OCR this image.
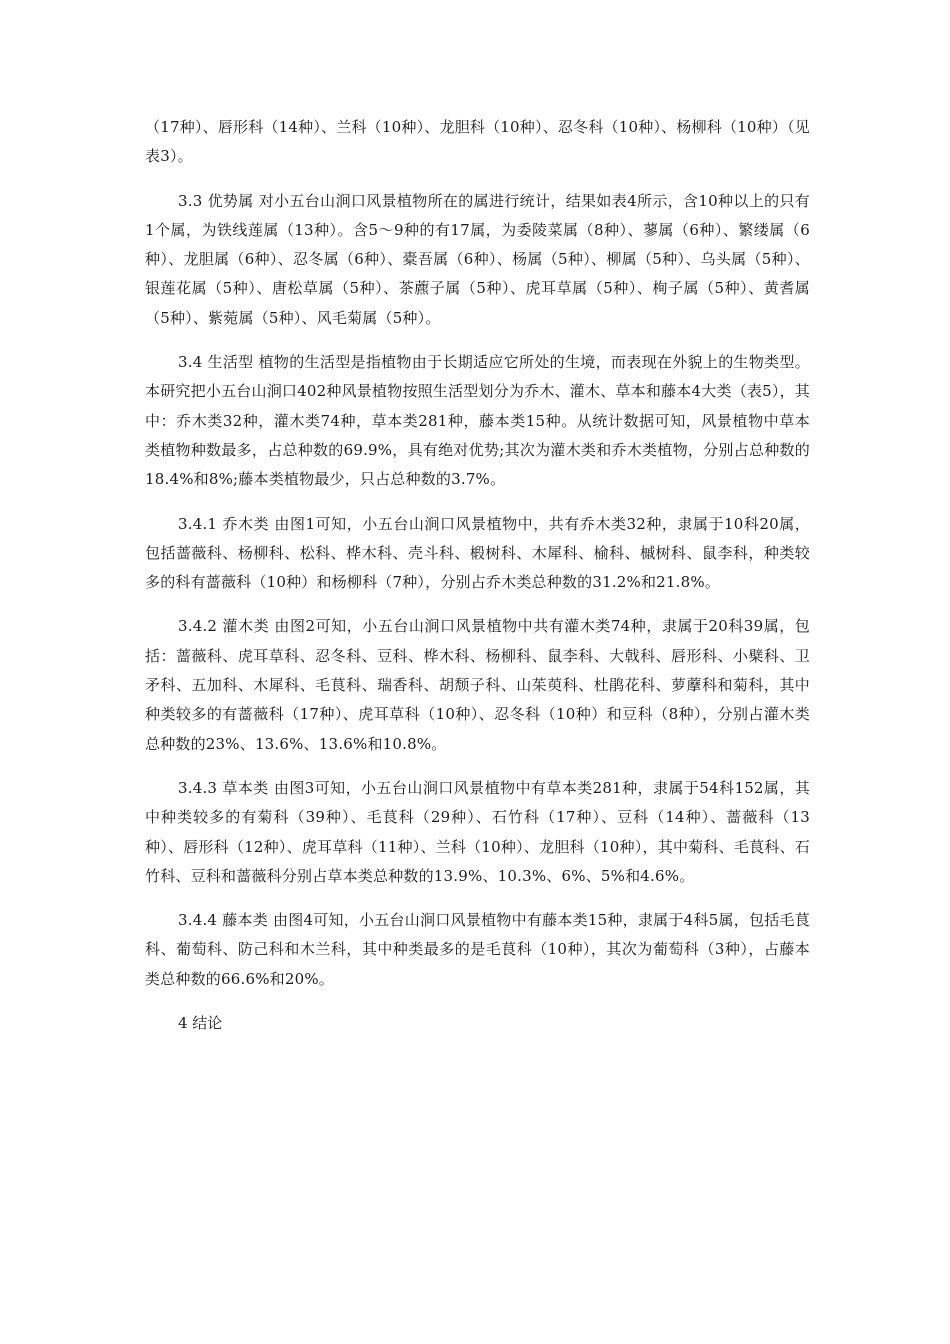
（17种）、唇形科（14种）、兰科（10种）、龙胆科（10种）、忍冬科（10种）、杨柳科（10种）（见表3）。

3.3 优势属 对小五台山涧口风景植物所在的属进行统计，结果如表4所示，含10种以上的只有1个属，为铁线莲属（13种）。含5～9种的有17属，为委陵菜属（8种）、蓼属（6种）、繁缕属（6种）、龙胆属（6种）、忍冬属（6种）、橐吾属（6种）、杨属（5种）、柳属（5种）、乌头属（5种）、银莲花属（5种）、唐松草属（5种）、茶藨子属（5种）、虎耳草属（5种）、栒子属（5种）、黄耆属（5种）、紫菀属（5种）、风毛菊属（5种）。

3.4 生活型 植物的生活型是指植物由于长期适应它所处的生境，而表现在外貌上的生物类型。本研究把小五台山涧口402种风景植物按照生活型划分为乔木、灌木、草本和藤本4大类（表5），其中：乔木类32种，灌木类74种，草本类281种，藤本类15种。从统计数据可知，风景植物中草本类植物种数最多，占总种数的69.9%，具有绝对优势;其次为灌木类和乔木类植物，分别占总种数的18.4%和8%;藤本类植物最少，只占总种数的3.7%。

3.4.1 乔木类 由图1可知，小五台山涧口风景植物中，共有乔木类32种，隶属于10科20属，包括蔷薇科、杨柳科、松科、桦木科、壳斗科、椴树科、木犀科、榆科、槭树科、鼠李科，种类较多的科有蔷薇科（10种）和杨柳科（7种），分别占乔木类总种数的31.2%和21.8%。

3.4.2 灌木类 由图2可知，小五台山涧口风景植物中共有灌木类74种，隶属于20科39属，包括：蔷薇科、虎耳草科、忍冬科、豆科、桦木科、杨柳科、鼠李科、大戟科、唇形科、小檗科、卫矛科、五加科、木犀科、毛茛科、瑞香科、胡颓子科、山茱萸科、杜鹃花科、萝藦科和菊科，其中种类较多的有蔷薇科（17种）、虎耳草科（10种）、忍冬科（10种）和豆科（8种），分别占灌木类总种数的23%、13.6%、13.6%和10.8%。

3.4.3 草本类 由图3可知，小五台山涧口风景植物中有草本类281种，隶属于54科152属，其中种类较多的有菊科（39种）、毛茛科（29种）、石竹科（17种）、豆科（14种）、蔷薇科（13种）、唇形科（12种）、虎耳草科（11种）、兰科（10种）、龙胆科（10种），其中菊科、毛茛科、石竹科、豆科和蔷薇科分别占草本类总种数的13.9%、10.3%、6%、5%和4.6%。

3.4.4 藤本类 由图4可知，小五台山涧口风景植物中有藤本类15种，隶属于4科5属，包括毛茛科、葡萄科、防己科和木兰科，其中种类最多的是毛茛科（10种），其次为葡萄科（3种），占藤本类总种数的66.6%和20%。

4 结论
